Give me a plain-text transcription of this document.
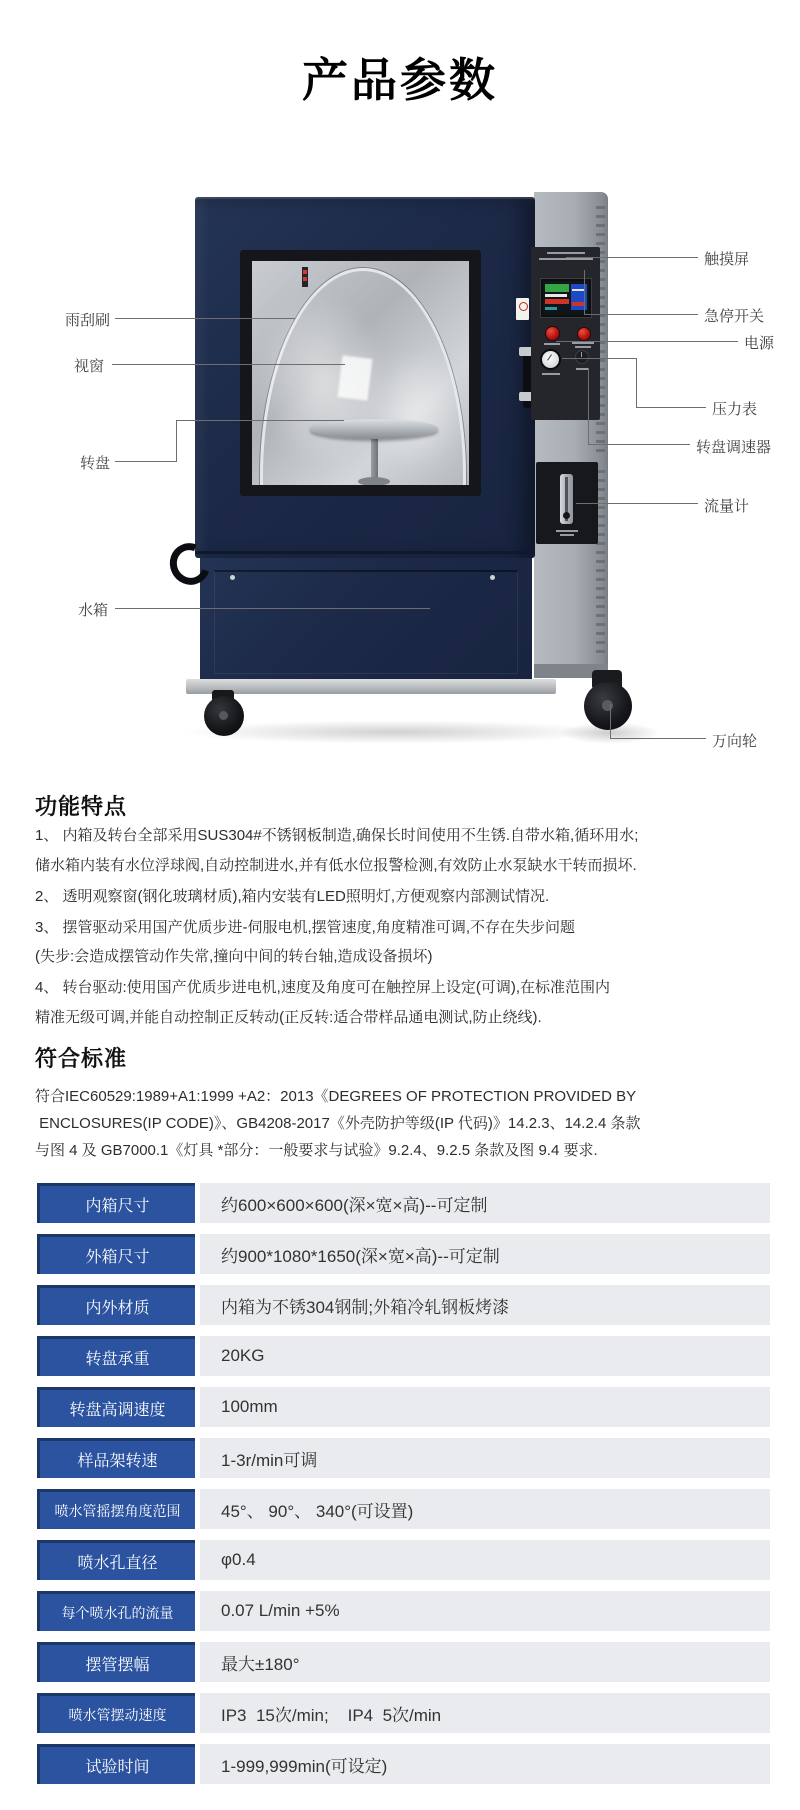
产品参数
雨刮刷
视窗
转盘
水箱
触摸屏
急停开关
电源
压力表
转盘调速器
流量计
万向轮
功能特点
1、 内箱及转台全部采用SUS304#不锈钢板制造,确保长时间使用不生锈.自带水箱,循环用水;
储水箱内装有水位浮球阀,自动控制进水,并有低水位报警检测,有效防止水泵缺水干转而损坏.
2、 透明观察窗(钢化玻璃材质),箱内安装有LED照明灯,方便观察内部测试情况.
3、 摆管驱动采用国产优质步进-伺服电机,摆管速度,角度精准可调,不存在失步问题
(失步:会造成摆管动作失常,撞向中间的转台轴,造成设备损坏)
4、 转台驱动:使用国产优质步进电机,速度及角度可在触控屏上设定(可调),在标准范围内
精准无级可调,并能自动控制正反转动(正反转:适合带样品通电测试,防止绕线).
符合标准
符合IEC60529:1989+A1:1999 +A2：2013《DEGREES OF PROTECTION PROVIDED BY
ENCLOSURES(IP CODE)》、GB4208-2017《外壳防护等级(IP 代码)》14.2.3、14.2.4 条款
与图 4 及 GB7000.1《灯具 *部分：一般要求与试验》9.2.4、9.2.5 条款及图 9.4 要求.
内箱尺寸	约600×600×600(深×宽×高)--可定制
外箱尺寸	约900*1080*1650(深×宽×高)--可定制
内外材质	内箱为不锈304钢制;外箱冷轧钢板烤漆
转盘承重	20KG
转盘高调速度	100mm
样品架转速	1-3r/min可调
喷水管摇摆角度范围	45°、 90°、 340°(可设置)
喷水孔直径	φ0.4
每个喷水孔的流量	0.07 L/min +5%
摆管摆幅	最大±180°
喷水管摆动速度	IP3  15次/min;    IP4  5次/min
试验时间	1-999,999min(可设定)
